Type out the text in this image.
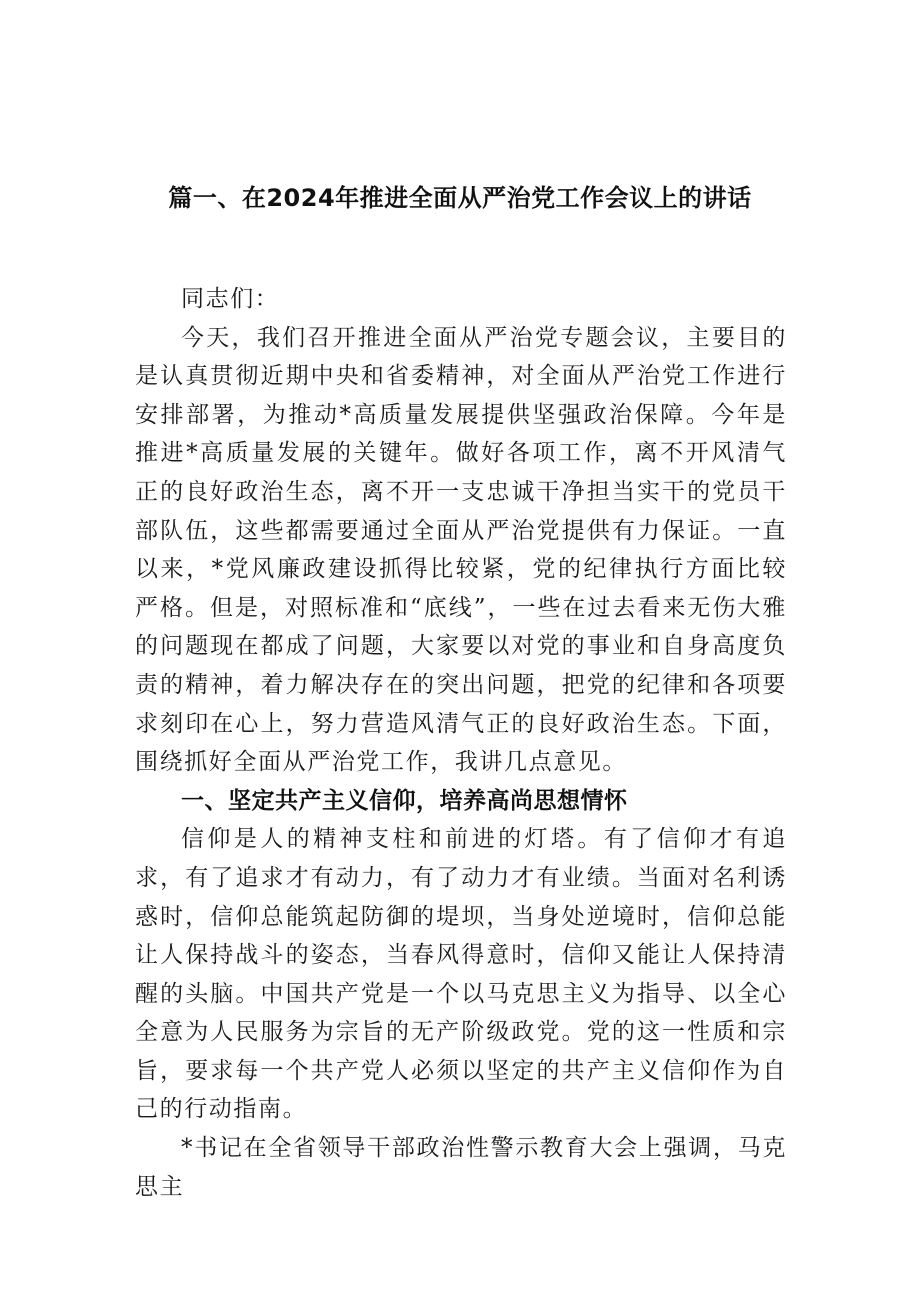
篇一、在2024年推进全面从严治党工作会议上的讲话

同志们：

今天，我们召开推进全面从严治党专题会议，主要目的是认真贯彻近期中央和省委精神，对全面从严治党工作进行安排部署，为推动*高质量发展提供坚强政治保障。今年是推进*高质量发展的关键年。做好各项工作，离不开风清气正的良好政治生态，离不开一支忠诚干净担当实干的党员干部队伍，这些都需要通过全面从严治党提供有力保证。一直以来，*党风廉政建设抓得比较紧，党的纪律执行方面比较严格。但是，对照标准和“底线”，一些在过去看来无伤大雅的问题现在都成了问题，大家要以对党的事业和自身高度负责的精神，着力解决存在的突出问题，把党的纪律和各项要求刻印在心上，努力营造风清气正的良好政治生态。下面，围绕抓好全面从严治党工作，我讲几点意见。

一、坚定共产主义信仰，培养高尚思想情怀

信仰是人的精神支柱和前进的灯塔。有了信仰才有追求，有了追求才有动力，有了动力才有业绩。当面对名利诱惑时，信仰总能筑起防御的堤坝，当身处逆境时，信仰总能让人保持战斗的姿态，当春风得意时，信仰又能让人保持清醒的头脑。中国共产党是一个以马克思主义为指导、以全心全意为人民服务为宗旨的无产阶级政党。党的这一性质和宗旨，要求每一个共产党人必须以坚定的共产主义信仰作为自己的行动指南。

*书记在全省领导干部政治性警示教育大会上强调，马克思主
